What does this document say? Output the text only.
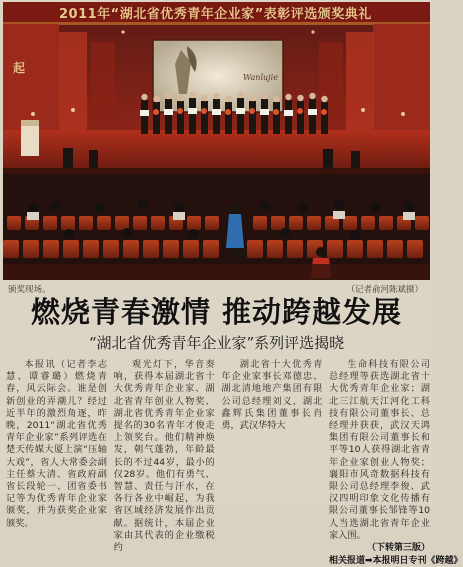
Wanlujie
起
2011年“湖北省优秀青年企业家”表彰评选颁奖典礼
颁奖现场。	（记者俞河陈斌摄）
燃烧青春激情 推动跨越发展
“湖北省优秀青年企业家”系列评选揭晓

本报讯（记者李志慧、谭睿璐）燃烧青春，风云际会。谁是创新创业的弄潮儿？经过近半年的激烈角逐，昨晚，2011“湖北省优秀青年企业家”系列评选在楚天传媒大厦上演“压轴大戏”，省人大常委会副主任蔡大清、省政府副省长段轮一、团省委书记等为优秀青年企业家颁奖，并为获奖企业家颁奖。

观光灯下，华音奏响，获得本届湖北省十大优秀青年企业家、湖北省青年创业人物奖、湖北省优秀青年企业家提名的30名青年才俊走上领奖台。他们精神焕发，朝气蓬勃，年龄最长的不过44岁，最小的仅28岁。他们有勇气、智慧、责任与汗水，在各行各业中崛起，为我省区域经济发展作出贡献。据统计，本届企业家由其代表的企业缴税约

湖北省十大优秀青年企业家事长邓德忠、湖北清地地产集团有限公司总经理刘义，湖北鑫辉氏集团董事长肖勇，武汉华特大

生命科技有限公司总经理等获选湖北省十大优秀青年企业家；湖北三江航天江河化工科技有限公司董事长、总经理并获获，武汉天鸿集团有限公司董事长和平等10人获得湖北省青年企业家创业人物奖；襄阳市风奇数据科技有限公司总经理李俊、武汉四明印象文化传播有限公司董事长邹锋等10人当选湖北省青年企业家入围。

（下转第三版）
相关报道➡本报明日专刊《跨越》
